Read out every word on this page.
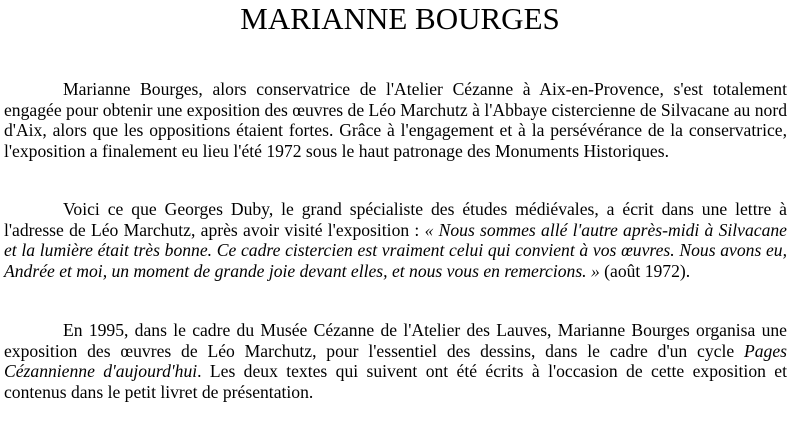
MARIANNE BOURGES

Marianne Bourges, alors conservatrice de l'Atelier Cézanne à Aix-en-Provence, s'est totalement engagée pour obtenir une exposition des œuvres de Léo Marchutz à l'Abbaye cistercienne de Silvacane au nord d'Aix, alors que les oppositions étaient fortes. Grâce à l'engagement et à la persévérance de la conservatrice, l'exposition a finalement eu lieu l'été 1972 sous le haut patronage des Monuments Historiques.

Voici ce que Georges Duby, le grand spécialiste des études médiévales, a écrit dans une lettre à l'adresse de Léo Marchutz, après avoir visité l'exposition : « Nous sommes allé l'autre après-midi à Silvacane et la lumière était très bonne. Ce cadre cistercien est vraiment celui qui convient à vos œuvres. Nous avons eu, Andrée et moi, un moment de grande joie devant elles, et nous vous en remercions. » (août 1972).

En 1995, dans le cadre du Musée Cézanne de l'Atelier des Lauves, Marianne Bourges organisa une exposition des œuvres de Léo Marchutz, pour l'essentiel des dessins, dans le cadre d'un cycle Pages Cézannienne d'aujourd'hui. Les deux textes qui suivent ont été écrits à l'occasion de cette exposition et contenus dans le petit livret de présentation.
